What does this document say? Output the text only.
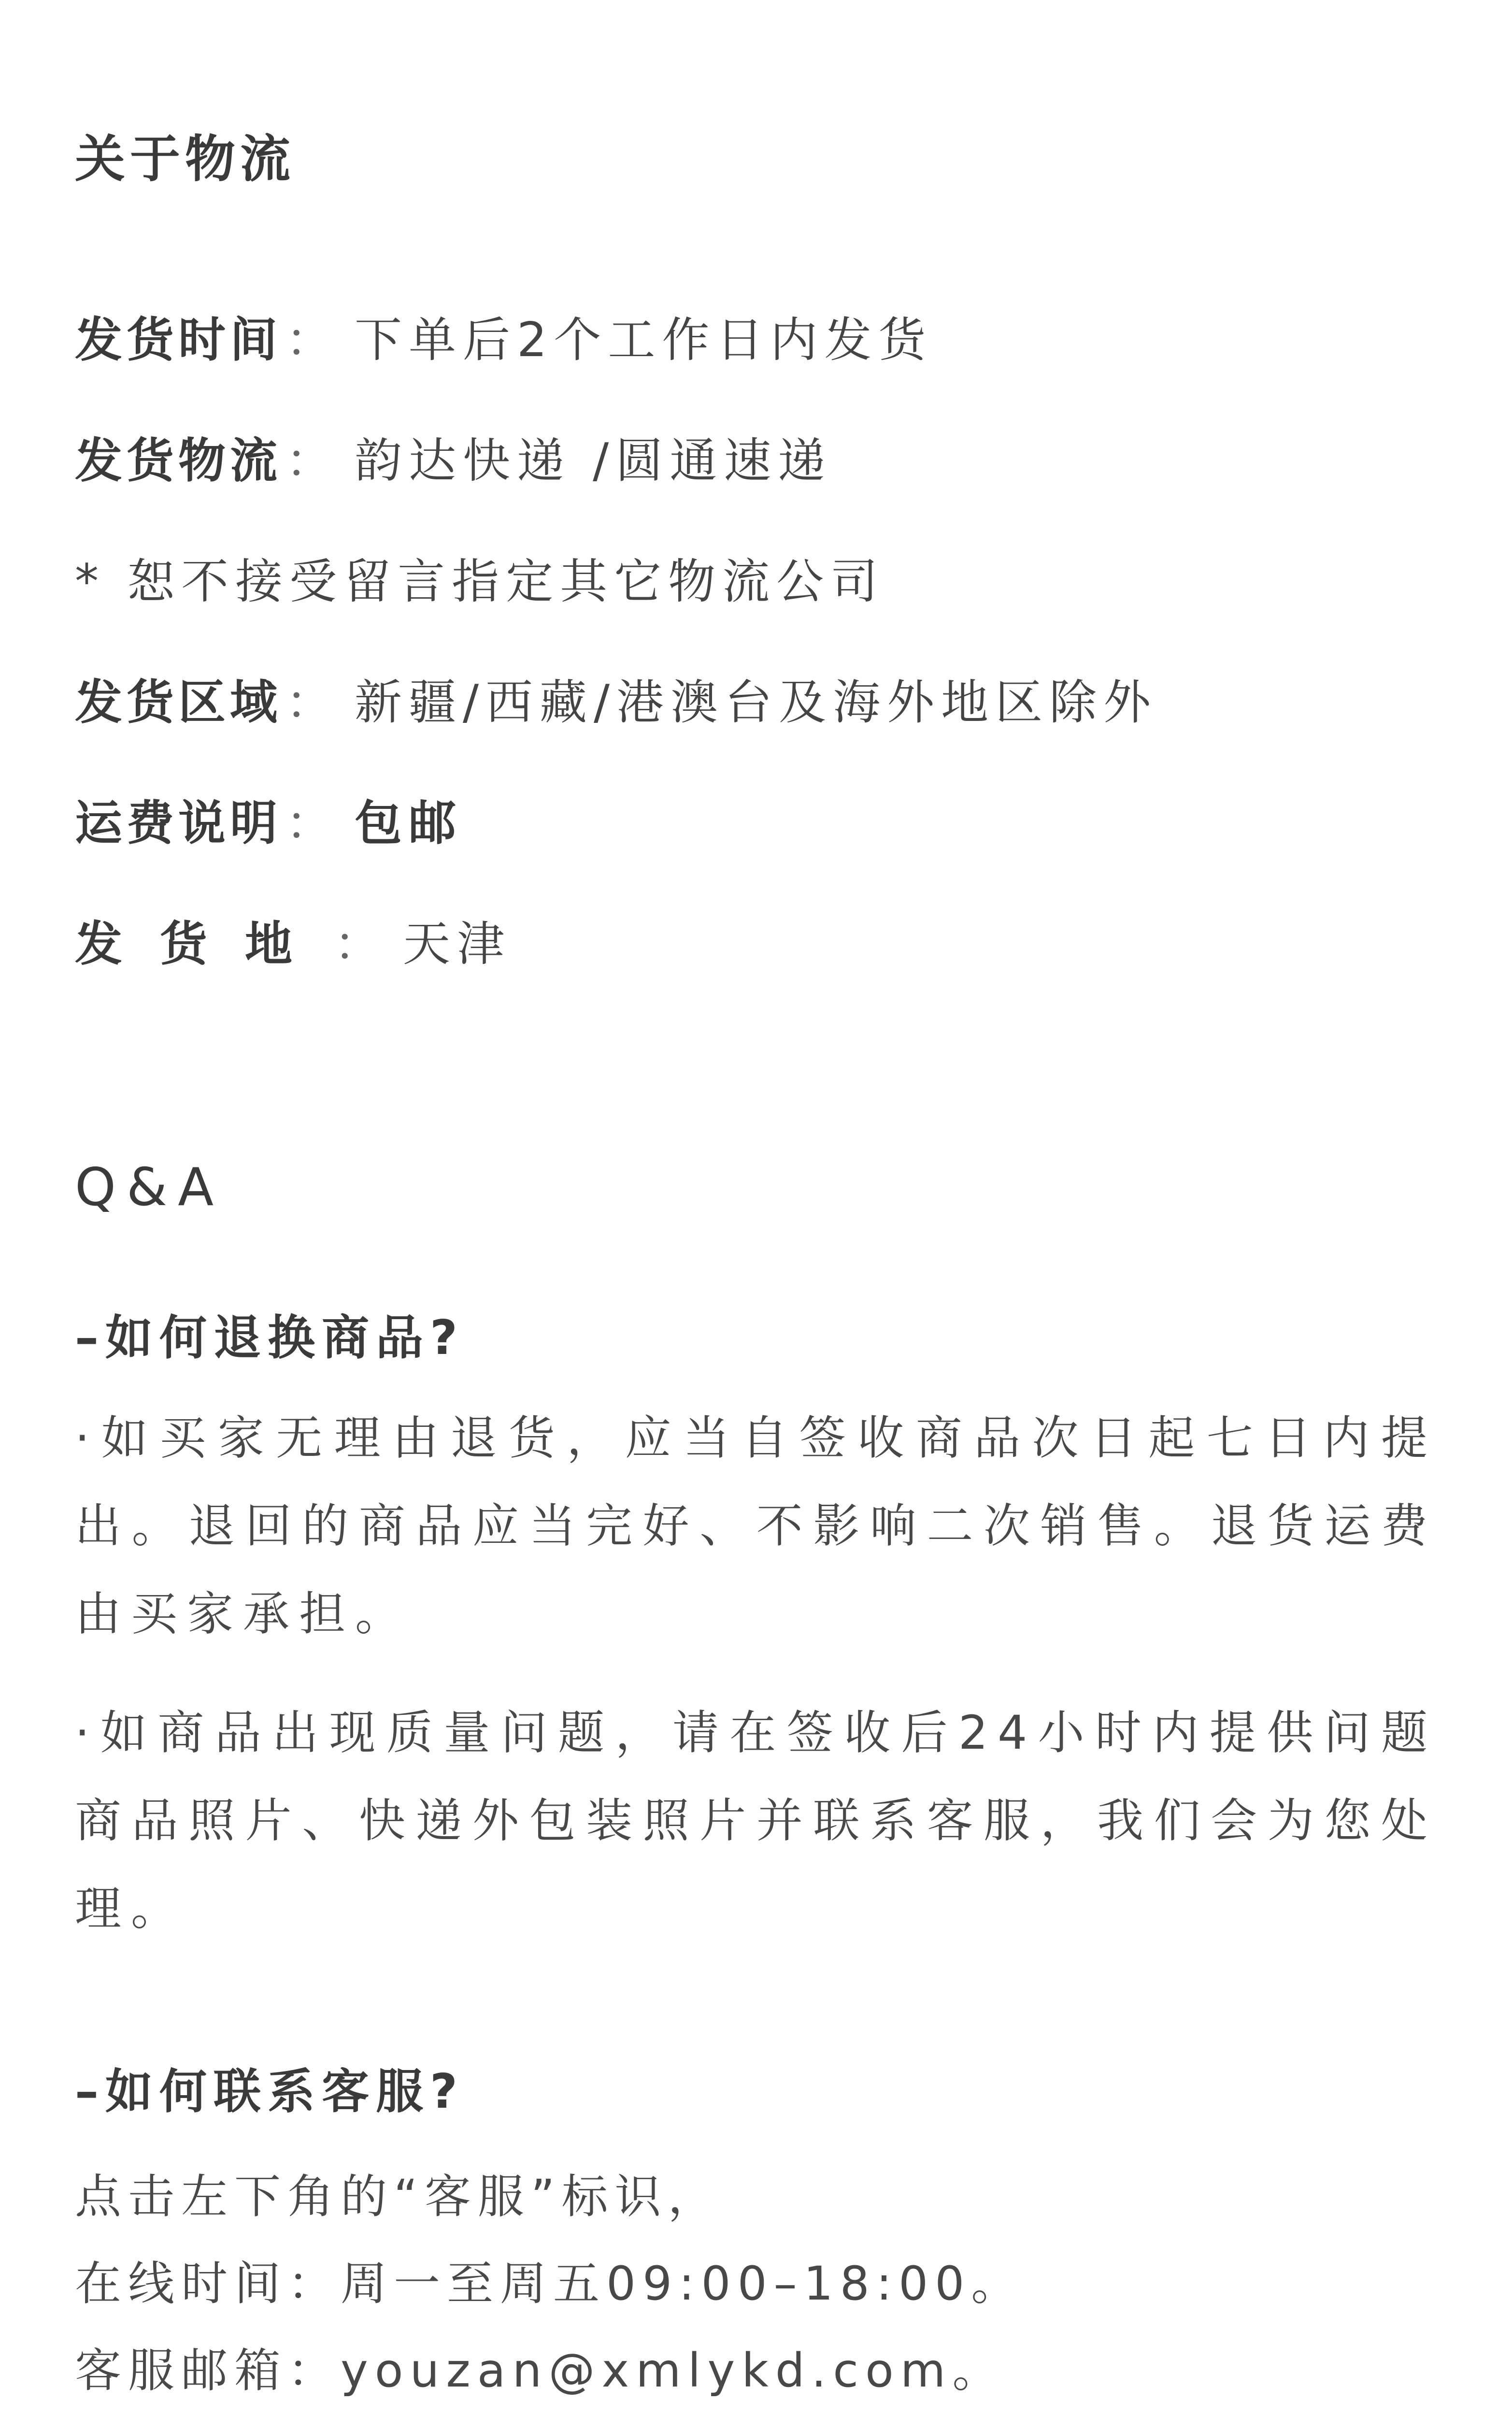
关于物流
发货时间： 下单后2个工作日内发货
发货物流： 韵达快递 /圆通速递
* 恕不接受留言指定其它物流公司
发货区域： 新疆/西藏/港澳台及海外地区除外
运费说明： 包邮
发货地： 天津
Q&A
–如何退换商品?
·如买家无理由退货，应当自签收商品次日起七日内提出。退回的商品应当完好、不影响二次销售。退货运费由买家承担。
·如商品出现质量问题，请在签收后24小时内提供问题商品照片、快递外包装照片并联系客服，我们会为您处理。
–如何联系客服?
点击左下角的“客服”标识，
在线时间：周一至周五09:00–18:00。
客服邮箱：youzan@xmlykd.com。
